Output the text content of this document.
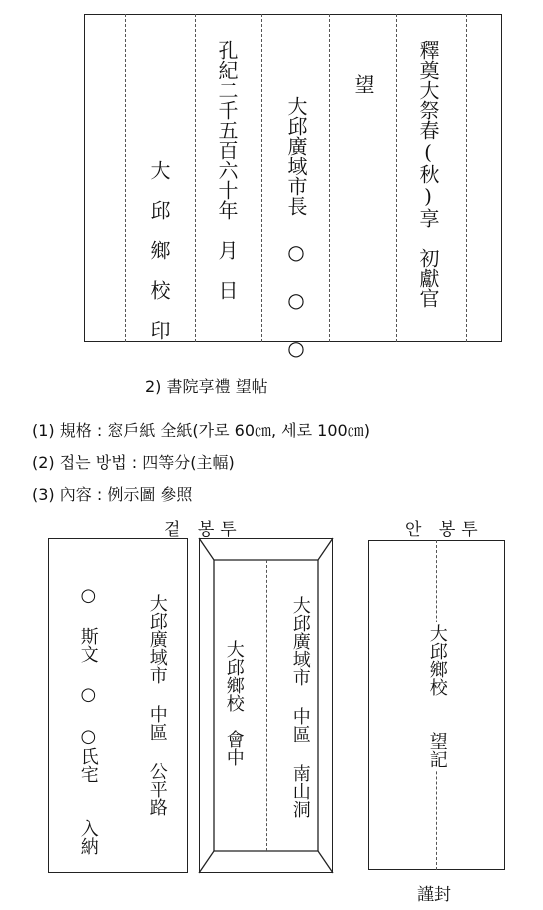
釋奠大祭春(秋)享　初獻官
望
大邱廣域市長 ○ ○ ○
孔紀二千五百六十年　月　日
大　邱　鄉　校　印
2) 書院享禮 望帖
(1) 規格 : 窓戶紙 全紙(가로 60㎝, 세로 100㎝)
(2) 접는 방법 : 四等分(主幅)
(3) 內容 : 例示圖 參照
겉 봉투
大邱廣域市 中區 公平路
○ 斯文 ○ ○氏宅　　入納	大邱廣域市 中區 南山洞
大邱鄉校　會中
안 봉투
大邱鄉校　　望記
謹封
